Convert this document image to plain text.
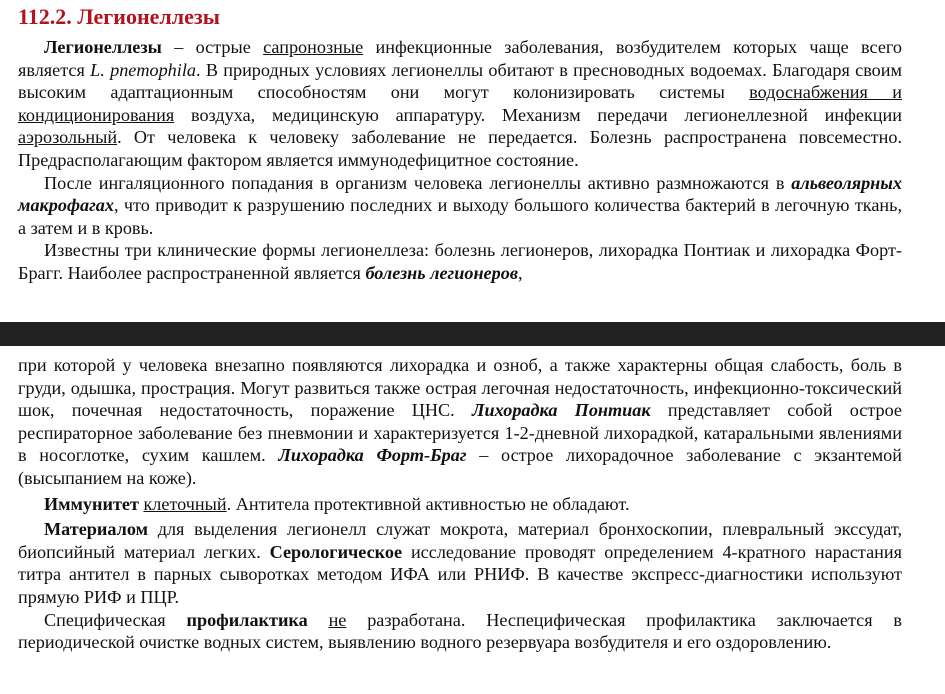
112.2. Легионеллезы

Легионеллезы – острые сапронозные инфекционные заболевания, возбудителем которых чаще всего является L. pnemophila. В природных условиях легионеллы обитают в пресноводных водоемах. Благодаря своим высоким адаптационным способностям они могут колонизировать системы водоснабжения и кондиционирования воздуха, медицинскую аппаратуру. Механизм передачи легионеллезной инфекции аэрозольный. От человека к человеку заболевание не передается. Болезнь распространена повсеместно. Предрасполагающим фактором является иммунодефицитное состояние.

После ингаляционного попадания в организм человека легионеллы активно размножаются в альвеолярных макрофагах, что приводит к разрушению последних и выходу большого количества бактерий в легочную ткань, а затем и в кровь.

Известны три клинические формы легионеллеза: болезнь легионеров, лихорадка Понтиак и лихорадка Форт-Брагг. Наиболее распространенной является болезнь легионеров,

при которой у человека внезапно появляются лихорадка и озноб, а также характерны общая слабость, боль в груди, одышка, прострация. Могут развиться также острая легочная недостаточность, инфекционно-токсический шок, почечная недостаточность, поражение ЦНС. Лихорадка Понтиак представляет собой острое респираторное заболевание без пневмонии и характеризуется 1-2-дневной лихорадкой, катаральными явлениями в носоглотке, сухим кашлем. Лихорадка Форт-Браг – острое лихорадочное заболевание с экзантемой (высыпанием на коже).

Иммунитет клеточный. Антитела протективной активностью не обладают.

Материалом для выделения легионелл служат мокрота, материал бронхоскопии, плевральный экссудат, биопсийный материал легких. Серологическое исследование проводят определением 4-кратного нарастания титра антител в парных сыворотках методом ИФА или РНИФ. В качестве экспресс-диагностики используют прямую РИФ и ПЦР.

Специфическая профилактика не разработана. Неспецифическая профилактика заключается в периодической очистке водных систем, выявлению водного резервуара возбудителя и его оздоровлению.
